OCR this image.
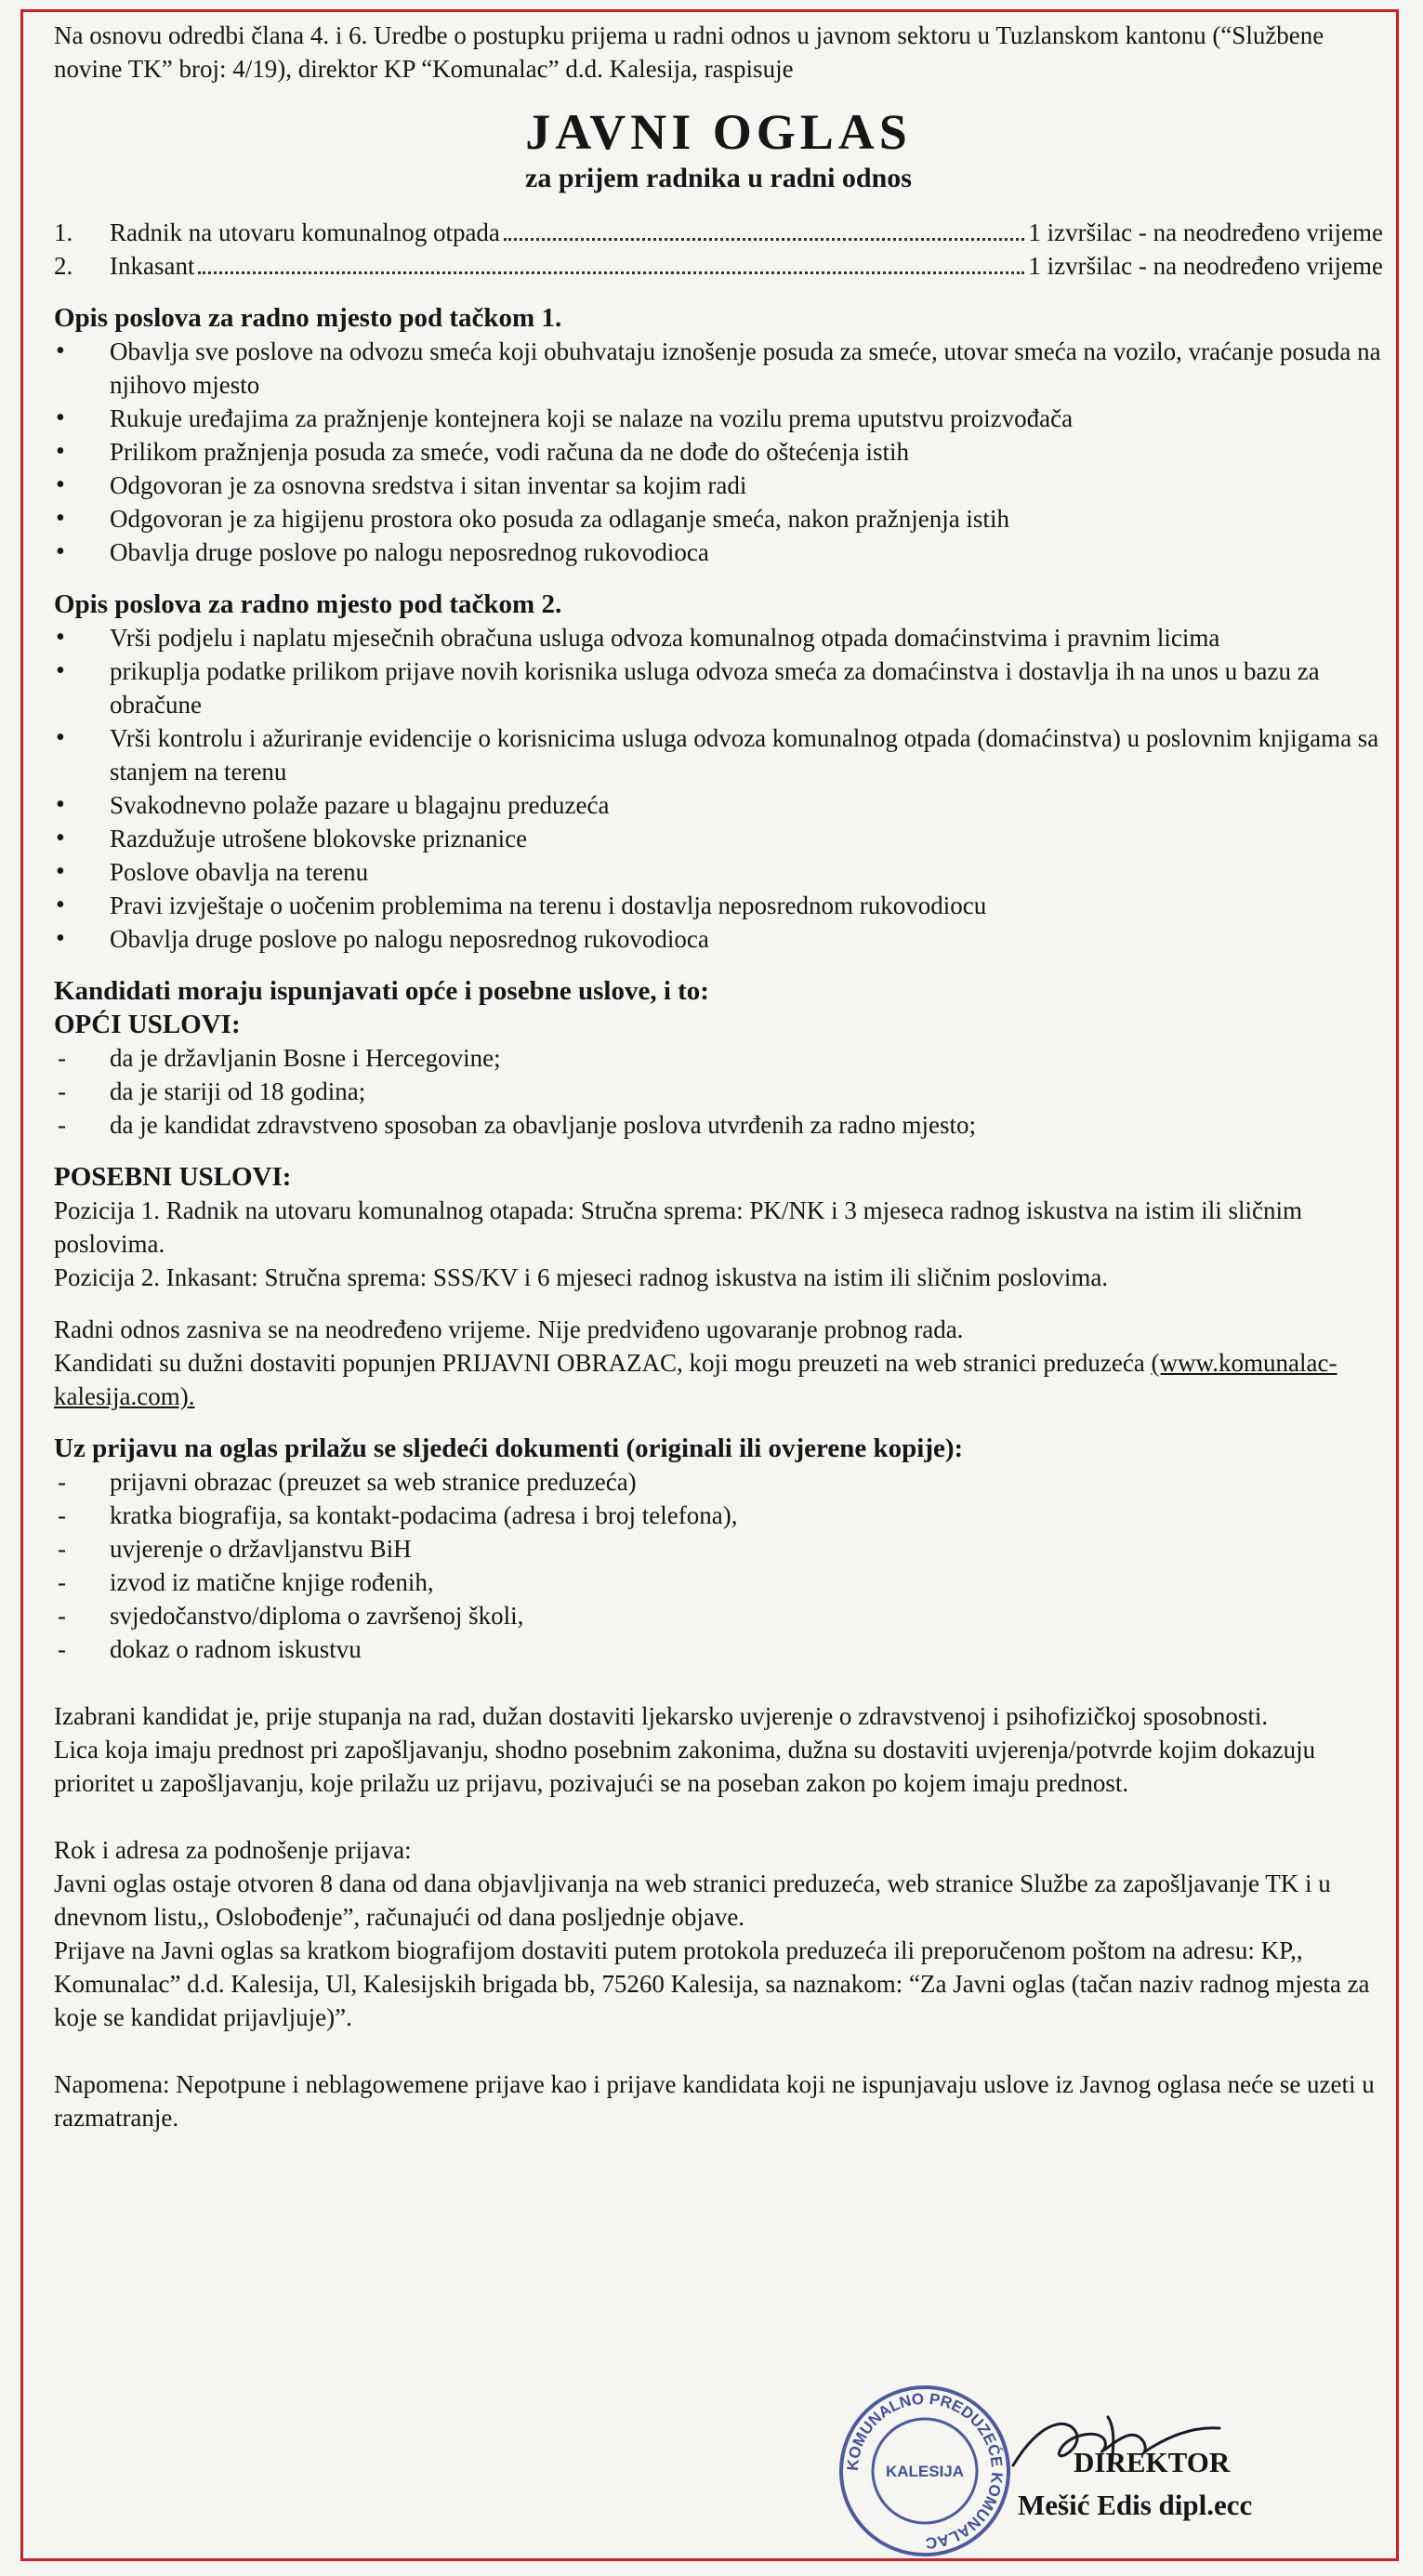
Na osnovu odredbi člana 4. i 6. Uredbe o postupku prijema u radni odnos u javnom sektoru u Tuzlanskom kantonu (“Službene novine TK” broj: 4/19), direktor KP “Komunalac” d.d. Kalesija, raspisuje

JAVNI OGLAS
za prijem radnika u radni odnos
1.	Radnik na utovaru komunalnog otpada	1 izvršilac - na neodređeno vrijeme
2.	Inkasant	1 izvršilac - na neodređeno vrijeme

Opis poslova za radno mjesto pod tačkom 1.

• Obavlja sve poslove na odvozu smeća koji obuhvataju iznošenje posuda za smeće, utovar smeća na vozilo, vraćanje posuda na njihovo mjesto
• Rukuje uređajima za pražnjenje kontejnera koji se nalaze na vozilu prema uputstvu proizvođača
• Prilikom pražnjenja posuda za smeće, vodi računa da ne dođe do oštećenja istih
• Odgovoran je za osnovna sredstva i sitan inventar sa kojim radi
• Odgovoran je za higijenu prostora oko posuda za odlaganje smeća, nakon pražnjenja istih
• Obavlja druge poslove po nalogu neposrednog rukovodioca

Opis poslova za radno mjesto pod tačkom 2.

• Vrši podjelu i naplatu mjesečnih obračuna usluga odvoza komunalnog otpada domaćinstvima i pravnim licima
• prikuplja podatke prilikom prijave novih korisnika usluga odvoza smeća za domaćinstva i dostavlja ih na unos u bazu za obračune
• Vrši kontrolu i ažuriranje evidencije o korisnicima usluga odvoza komunalnog otpada (domaćinstva) u poslovnim knjigama sa stanjem na terenu
• Svakodnevno polaže pazare u blagajnu preduzeća
• Razdužuje utrošene blokovske priznanice
• Poslove obavlja na terenu
• Pravi izvještaje o uočenim problemima na terenu i dostavlja neposrednom rukovodiocu
• Obavlja druge poslove po nalogu neposrednog rukovodioca

Kandidati moraju ispunjavati opće i posebne uslove, i to:

OPĆI USLOVI:

- da je državljanin Bosne i Hercegovine;
- da je stariji od 18 godina;
- da je kandidat zdravstveno sposoban za obavljanje poslova utvrđenih za radno mjesto;

POSEBNI USLOVI:

Pozicija 1. Radnik na utovaru komunalnog otapada: Stručna sprema: PK/NK i 3 mjeseca radnog iskustva na istim ili sličnim poslovima.

Pozicija 2. Inkasant: Stručna sprema: SSS/KV i 6 mjeseci radnog iskustva na istim ili sličnim poslovima.

Radni odnos zasniva se na neodređeno vrijeme. Nije predviđeno ugovaranje probnog rada.

Kandidati su dužni dostaviti popunjen PRIJAVNI OBRAZAC, koji mogu preuzeti na web stranici preduzeća (www.komunalac-kalesija.com).

Uz prijavu na oglas prilažu se sljedeći dokumenti (originali ili ovjerene kopije):

- prijavni obrazac (preuzet sa web stranice preduzeća)
- kratka biografija, sa kontakt-podacima (adresa i broj telefona),
- uvjerenje o državljanstvu BiH
- izvod iz matične knjige rođenih,
- svjedočanstvo/diploma o završenoj školi,
- dokaz o radnom iskustvu

Izabrani kandidat je, prije stupanja na rad, dužan dostaviti ljekarsko uvjerenje o zdravstvenoj i psihofizičkoj sposobnosti.

Lica koja imaju prednost pri zapošljavanju, shodno posebnim zakonima, dužna su dostaviti uvjerenja/potvrde kojim dokazuju prioritet u zapošljavanju, koje prilažu uz prijavu, pozivajući se na poseban zakon po kojem imaju prednost.

Rok i adresa za podnošenje prijava:

Javni oglas ostaje otvoren 8 dana od dana objavljivanja na web stranici preduzeća, web stranice Službe za zapošljavanje TK i u dnevnom listu,, Oslobođenje”, računajući od dana posljednje objave.

Prijave na Javni oglas sa kratkom biografijom dostaviti putem protokola preduzeća ili preporučenom poštom na adresu: KP,, Komunalac” d.d. Kalesija, Ul, Kalesijskih brigada bb, 75260 Kalesija, sa naznakom: “Za Javni oglas (tačan naziv radnog mjesta za koje se kandidat prijavljuje)”.

Napomena: Nepotpune i neblagowemene prijave kao i prijave kandidata koji ne ispunjavaju uslove iz Javnog oglasa neće se uzeti u razmatranje.

KOMUNALNO PREDUZEĆE KOMUNALAC
KALESIJA	DIREKTOR
Mešić Edis dipl.ecc
